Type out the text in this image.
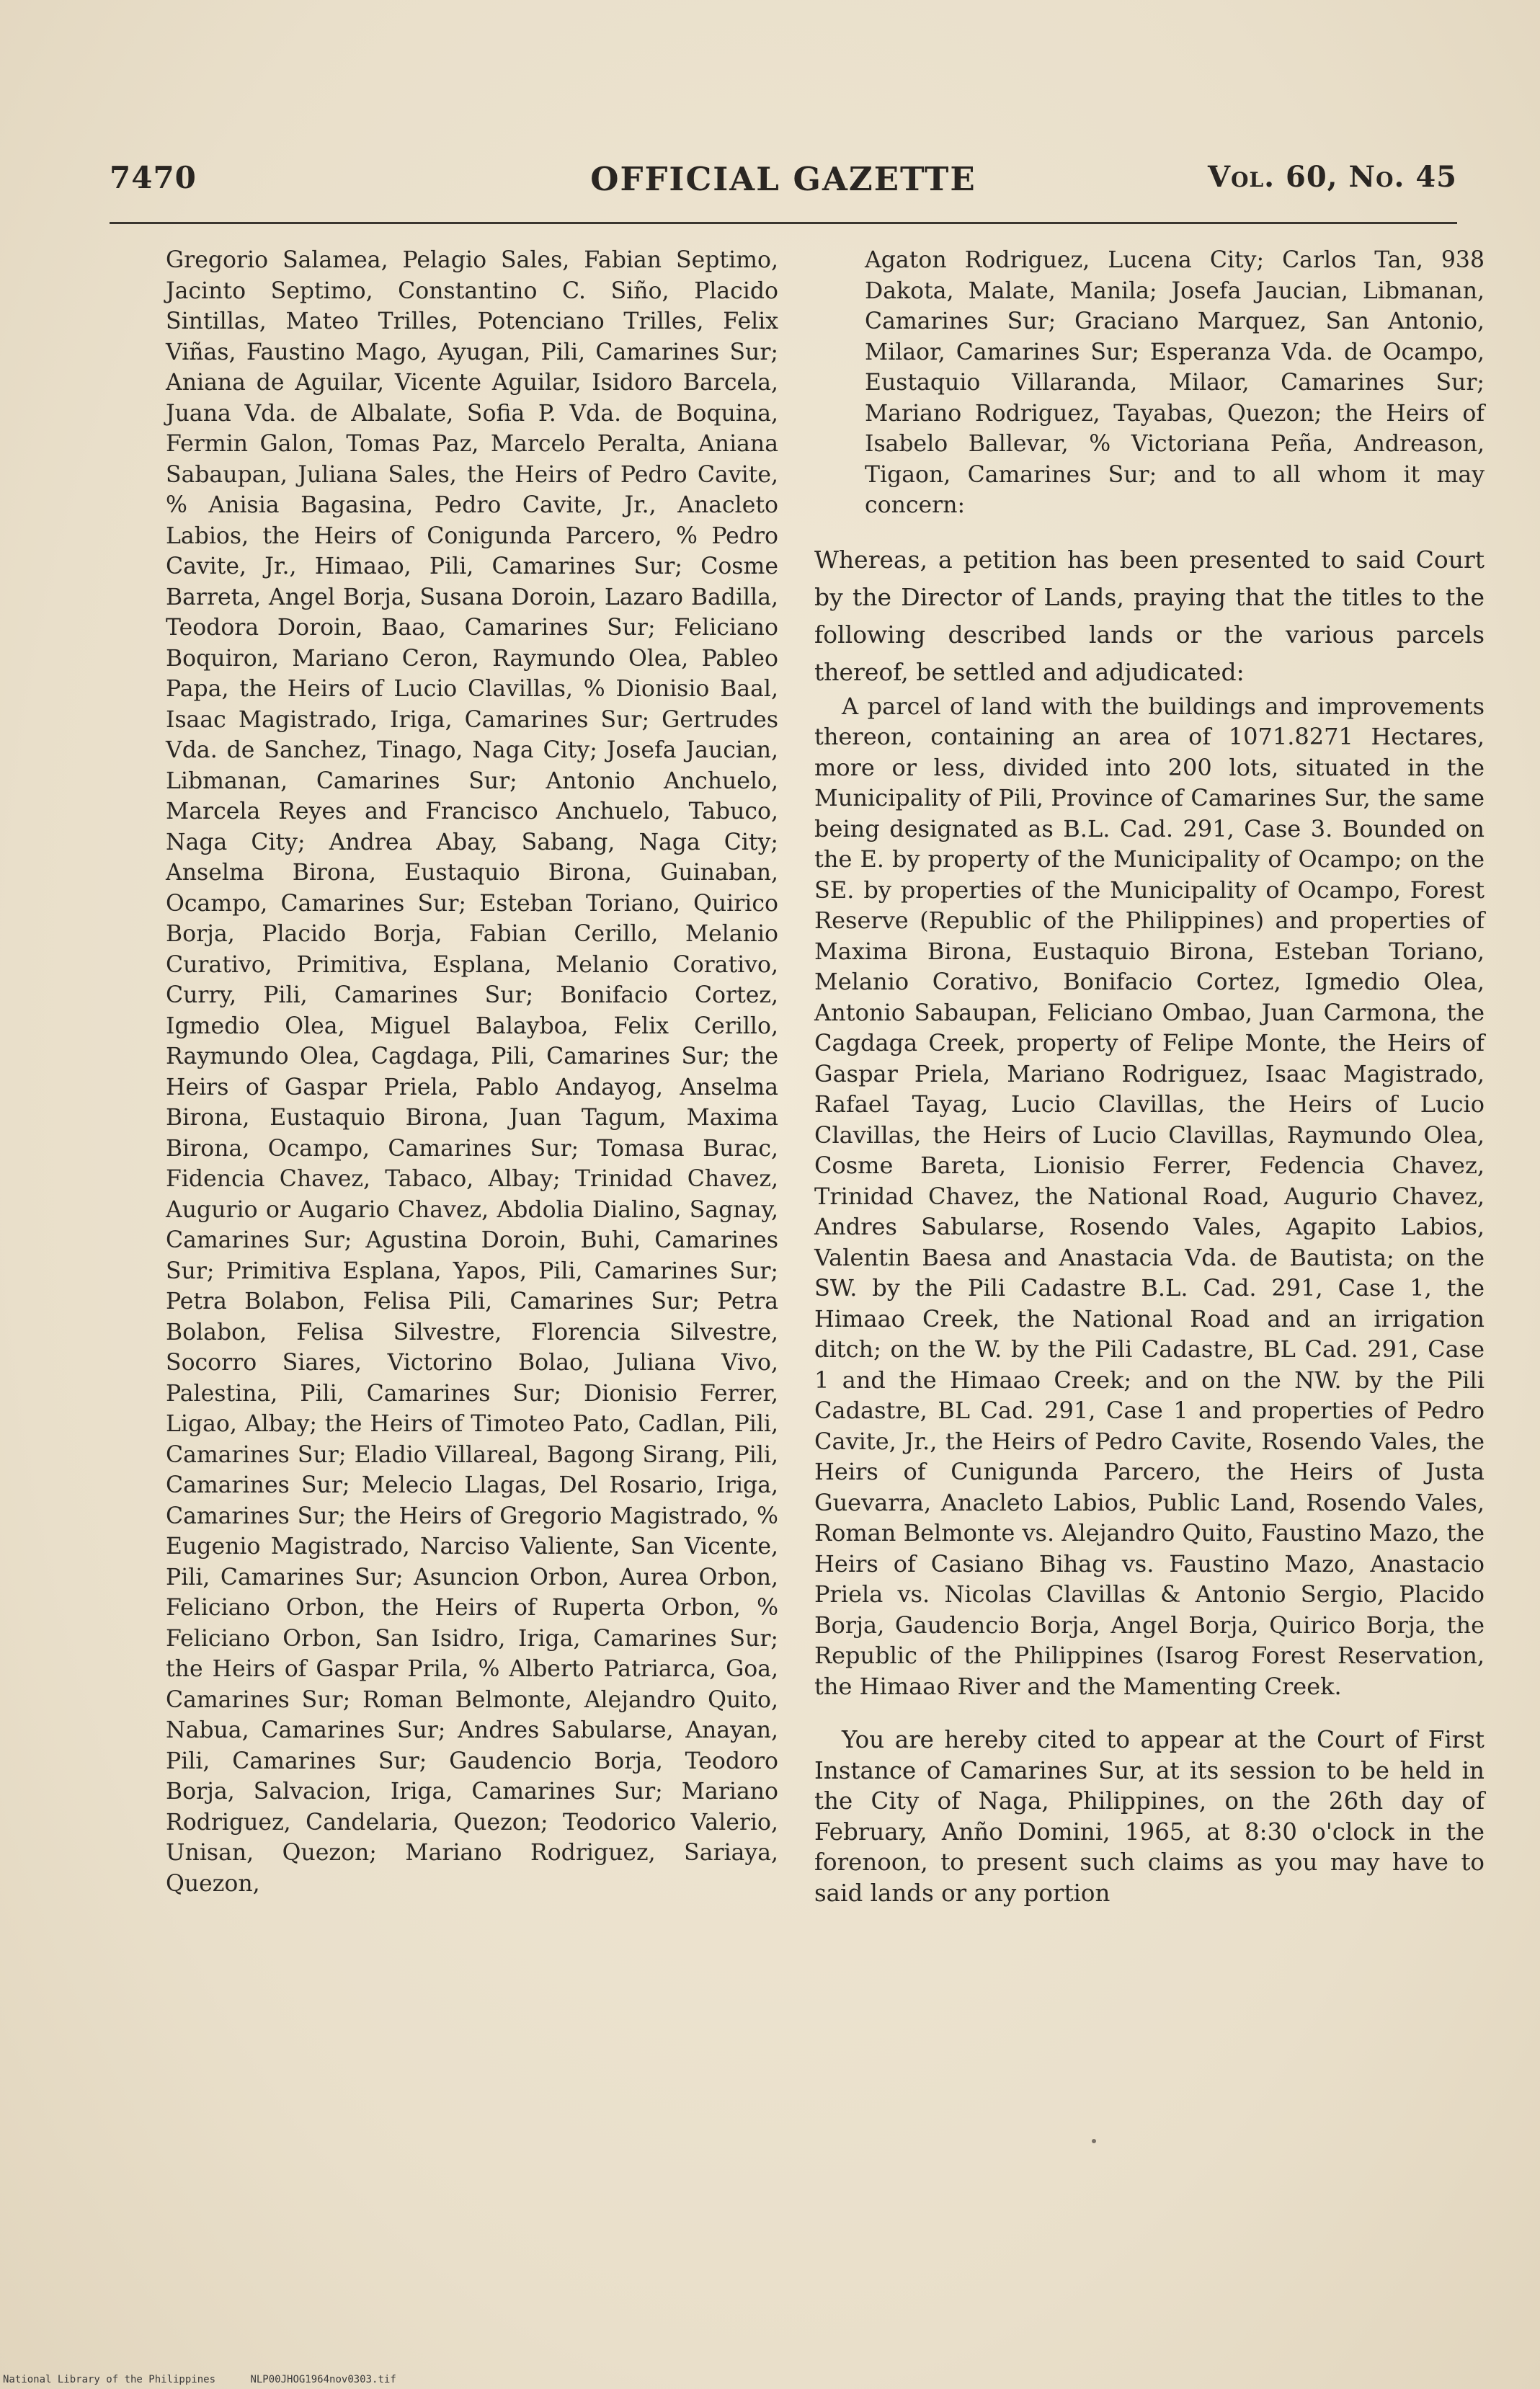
7470	OFFICIAL GAZETTE	Vol. 60, No. 45

Gregorio Salamea, Pelagio Sales, Fabian Septimo, Jacinto Septimo, Constantino C. Siño, Placido Sintillas, Mateo Trilles, Potenciano Trilles, Felix Viñas, Faustino Mago, Ayugan, Pili, Camarines Sur; Aniana de Aguilar, Vicente Aguilar, Isidoro Barcela, Juana Vda. de Albalate, Sofia P. Vda. de Boquina, Fermin Galon, Tomas Paz, Marcelo Peralta, Aniana Sabaupan, Juliana Sales, the Heirs of Pedro Cavite, % Anisia Bagasina, Pedro Cavite, Jr., Anacleto Labios, the Heirs of Conigunda Parcero, % Pedro Cavite, Jr., Himaao, Pili, Camarines Sur; Cosme Barreta, Angel Borja, Susana Doroin, Lazaro Badilla, Teodora Doroin, Baao, Camarines Sur; Feliciano Boquiron, Mariano Ceron, Raymundo Olea, Pableo Papa, the Heirs of Lucio Clavillas, % Dionisio Baal, Isaac Magistrado, Iriga, Camarines Sur; Gertrudes Vda. de Sanchez, Tinago, Naga City; Josefa Jaucian, Libmanan, Camarines Sur; Antonio Anchuelo, Marcela Reyes and Francisco Anchuelo, Tabuco, Naga City; Andrea Abay, Sabang, Naga City; Anselma Birona, Eustaquio Birona, Guinaban, Ocampo, Camarines Sur; Esteban Toriano, Quirico Borja, Placido Borja, Fabian Cerillo, Melanio Curativo, Primitiva, Esplana, Melanio Corativo, Curry, Pili, Camarines Sur; Bonifacio Cortez, Igmedio Olea, Miguel Balayboa, Felix Cerillo, Raymundo Olea, Cagdaga, Pili, Camarines Sur; the Heirs of Gaspar Priela, Pablo Andayog, Anselma Birona, Eustaquio Birona, Juan Tagum, Maxima Birona, Ocampo, Camarines Sur; Tomasa Burac, Fidencia Chavez, Tabaco, Albay; Trinidad Chavez, Augurio or Augario Chavez, Abdolia Dialino, Sagnay, Camarines Sur; Agustina Doroin, Buhi, Camarines Sur; Primitiva Esplana, Yapos, Pili, Camarines Sur; Petra Bolabon, Felisa Pili, Camarines Sur; Petra Bolabon, Felisa Silvestre, Florencia Silvestre, Socorro Siares, Victorino Bolao, Juliana Vivo, Palestina, Pili, Camarines Sur; Dionisio Ferrer, Ligao, Albay; the Heirs of Timoteo Pato, Cadlan, Pili, Camarines Sur; Eladio Villareal, Bagong Sirang, Pili, Camarines Sur; Melecio Llagas, Del Rosario, Iriga, Camarines Sur; the Heirs of Gregorio Magistrado, % Eugenio Magistrado, Narciso Valiente, San Vicente, Pili, Camarines Sur; Asuncion Orbon, Aurea Orbon, Feliciano Orbon, the Heirs of Ruperta Orbon, % Feliciano Orbon, San Isidro, Iriga, Camarines Sur; the Heirs of Gaspar Prila, % Alberto Patriarca, Goa, Camarines Sur; Roman Belmonte, Alejandro Quito, Nabua, Camarines Sur; Andres Sabularse, Anayan, Pili, Camarines Sur; Gaudencio Borja, Teodoro Borja, Salvacion, Iriga, Camarines Sur; Mariano Rodriguez, Candelaria, Quezon; Teodorico Valerio, Unisan, Quezon; Mariano Rodriguez, Sariaya, Quezon,

Agaton Rodriguez, Lucena City; Carlos Tan, 938 Dakota, Malate, Manila; Josefa Jaucian, Libmanan, Camarines Sur; Graciano Marquez, San Antonio, Milaor, Camarines Sur; Esperanza Vda. de Ocampo, Eustaquio Villaranda, Milaor, Camarines Sur; Mariano Rodriguez, Tayabas, Quezon; the Heirs of Isabelo Ballevar, % Victoriana Peña, Andreason, Tigaon, Camarines Sur; and to all whom it may concern:

Whereas, a petition has been presented to said Court by the Director of Lands, praying that the titles to the following described lands or the various parcels thereof, be settled and adjudicated:

A parcel of land with the buildings and improvements thereon, containing an area of 1071.8271 Hectares, more or less, divided into 200 lots, situated in the Municipality of Pili, Province of Camarines Sur, the same being designated as B.L. Cad. 291, Case 3. Bounded on the E. by property of the Municipality of Ocampo; on the SE. by properties of the Municipality of Ocampo, Forest Reserve (Republic of the Philippines) and properties of Maxima Birona, Eustaquio Birona, Esteban Toriano, Melanio Corativo, Bonifacio Cortez, Igmedio Olea, Antonio Sabaupan, Feliciano Ombao, Juan Carmona, the Cagdaga Creek, property of Felipe Monte, the Heirs of Gaspar Priela, Mariano Rodriguez, Isaac Magistrado, Rafael Tayag, Lucio Clavillas, the Heirs of Lucio Clavillas, the Heirs of Lucio Clavillas, Raymundo Olea, Cosme Bareta, Lionisio Ferrer, Fedencia Chavez, Trinidad Chavez, the National Road, Augurio Chavez, Andres Sabularse, Rosendo Vales, Agapito Labios, Valentin Baesa and Anastacia Vda. de Bautista; on the SW. by the Pili Cadastre B.L. Cad. 291, Case 1, the Himaao Creek, the National Road and an irrigation ditch; on the W. by the Pili Cadastre, BL Cad. 291, Case 1 and the Himaao Creek; and on the NW. by the Pili Cadastre, BL Cad. 291, Case 1 and properties of Pedro Cavite, Jr., the Heirs of Pedro Cavite, Rosendo Vales, the Heirs of Cunigunda Parcero, the Heirs of Justa Guevarra, Anacleto Labios, Public Land, Rosendo Vales, Roman Belmonte vs. Alejandro Quito, Faustino Mazo, the Heirs of Casiano Bihag vs. Faustino Mazo, Anastacio Priela vs. Nicolas Clavillas & Antonio Sergio, Placido Borja, Gaudencio Borja, Angel Borja, Quirico Borja, the Republic of the Philippines (Isarog Forest Reservation, the Himaao River and the Mamenting Creek.

You are hereby cited to appear at the Court of First Instance of Camarines Sur, at its session to be held in the City of Naga, Philippines, on the 26th day of February, Anño Domini, 1965, at 8:30 o'clock in the forenoon, to present such claims as you may have to said lands or any portion

National Library of the Philippines	NLP00JHOG1964nov0303.tif
